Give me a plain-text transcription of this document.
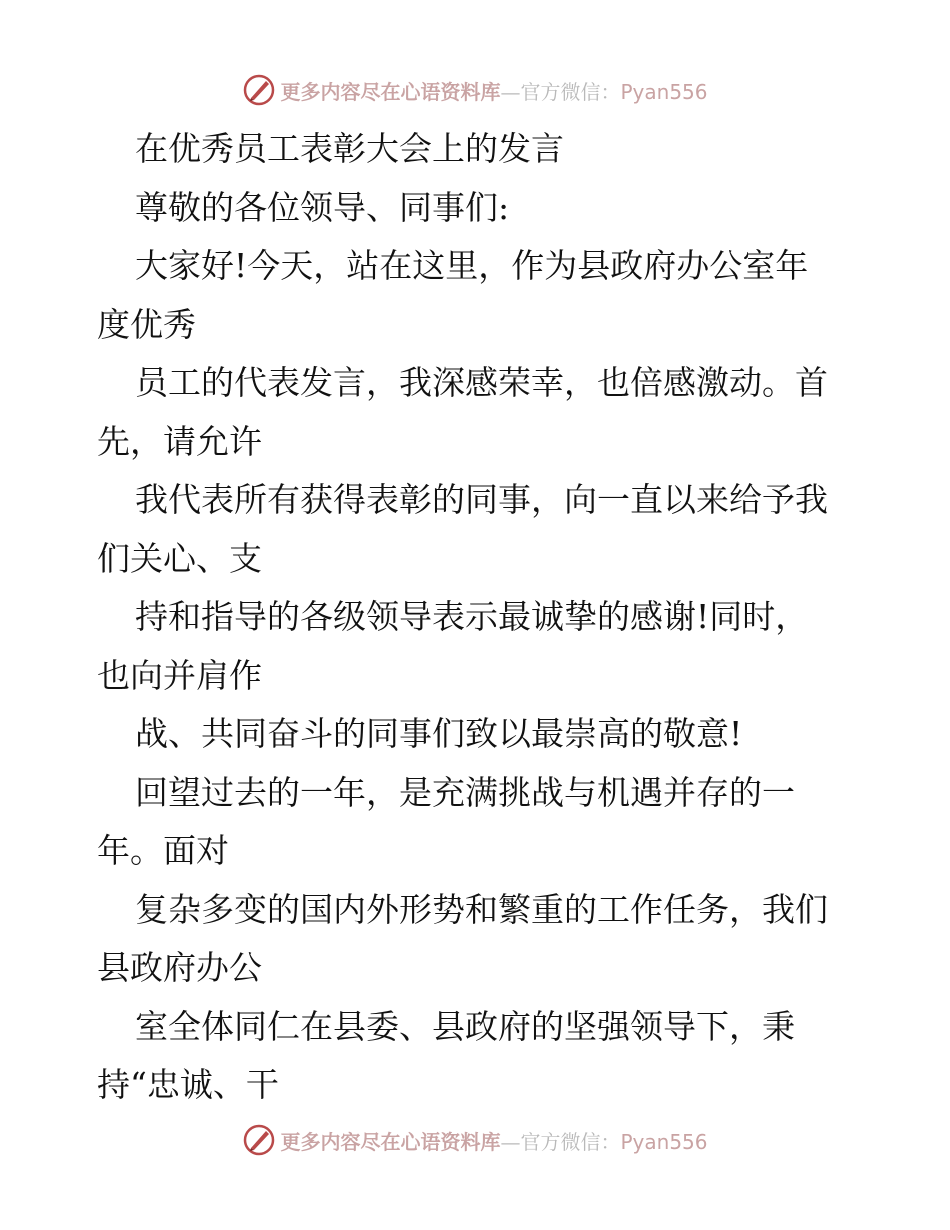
更多内容尽在心语资料库—官方微信：Pyan556
在优秀员工表彰大会上的发言
尊敬的各位领导、同事们:
大家好!今天，站在这里，作为县政府办公室年
度优秀
员工的代表发言，我深感荣幸，也倍感激动。首
先，请允许
我代表所有获得表彰的同事，向一直以来给予我
们关心、支
持和指导的各级领导表示最诚挚的感谢!同时，
也向并肩作
战、共同奋斗的同事们致以最崇高的敬意!
回望过去的一年，是充满挑战与机遇并存的一
年。面对
复杂多变的国内外形势和繁重的工作任务，我们
县政府办公
室全体同仁在县委、县政府的坚强领导下，秉
持“忠诚、干
更多内容尽在心语资料库—官方微信：Pyan556
